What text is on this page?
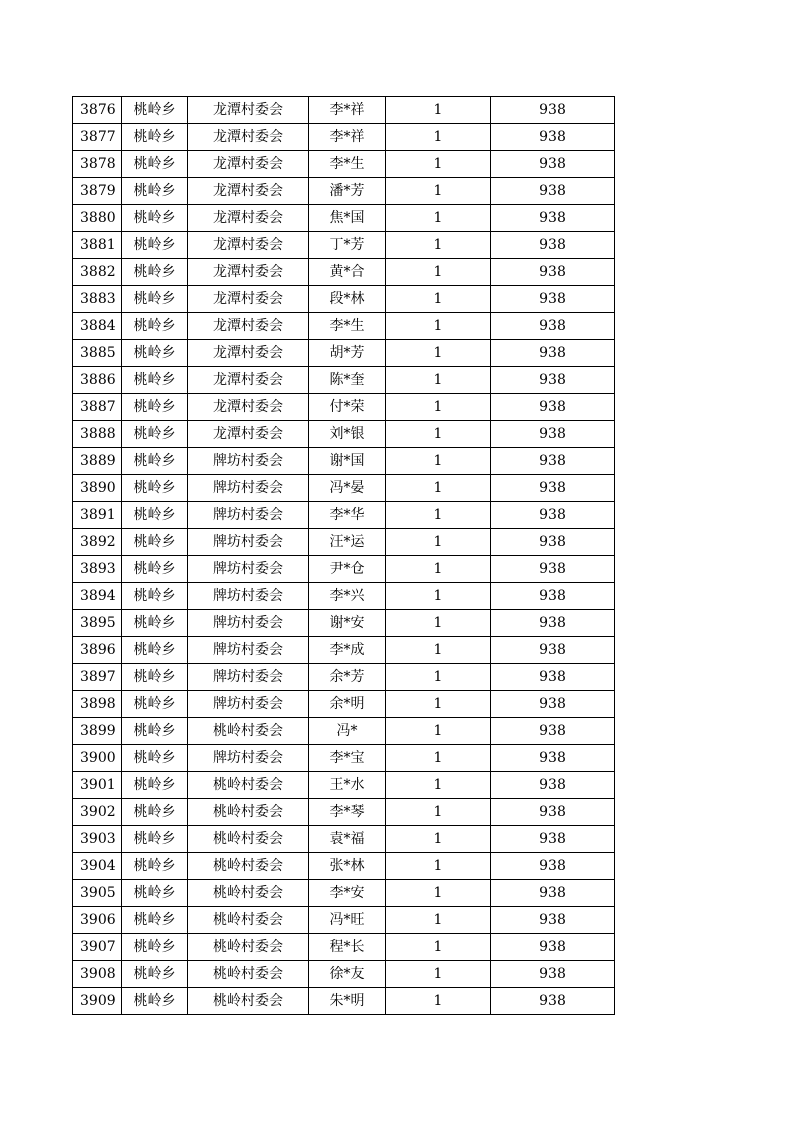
3876	桃岭乡	龙潭村委会	李*祥	1	938
3877	桃岭乡	龙潭村委会	李*祥	1	938
3878	桃岭乡	龙潭村委会	李*生	1	938
3879	桃岭乡	龙潭村委会	潘*芳	1	938
3880	桃岭乡	龙潭村委会	焦*国	1	938
3881	桃岭乡	龙潭村委会	丁*芳	1	938
3882	桃岭乡	龙潭村委会	黄*合	1	938
3883	桃岭乡	龙潭村委会	段*林	1	938
3884	桃岭乡	龙潭村委会	李*生	1	938
3885	桃岭乡	龙潭村委会	胡*芳	1	938
3886	桃岭乡	龙潭村委会	陈*奎	1	938
3887	桃岭乡	龙潭村委会	付*荣	1	938
3888	桃岭乡	龙潭村委会	刘*银	1	938
3889	桃岭乡	牌坊村委会	谢*国	1	938
3890	桃岭乡	牌坊村委会	冯*晏	1	938
3891	桃岭乡	牌坊村委会	李*华	1	938
3892	桃岭乡	牌坊村委会	汪*运	1	938
3893	桃岭乡	牌坊村委会	尹*仓	1	938
3894	桃岭乡	牌坊村委会	李*兴	1	938
3895	桃岭乡	牌坊村委会	谢*安	1	938
3896	桃岭乡	牌坊村委会	李*成	1	938
3897	桃岭乡	牌坊村委会	余*芳	1	938
3898	桃岭乡	牌坊村委会	余*明	1	938
3899	桃岭乡	桃岭村委会	冯*	1	938
3900	桃岭乡	牌坊村委会	李*宝	1	938
3901	桃岭乡	桃岭村委会	王*水	1	938
3902	桃岭乡	桃岭村委会	李*琴	1	938
3903	桃岭乡	桃岭村委会	袁*福	1	938
3904	桃岭乡	桃岭村委会	张*林	1	938
3905	桃岭乡	桃岭村委会	李*安	1	938
3906	桃岭乡	桃岭村委会	冯*旺	1	938
3907	桃岭乡	桃岭村委会	程*长	1	938
3908	桃岭乡	桃岭村委会	徐*友	1	938
3909	桃岭乡	桃岭村委会	朱*明	1	938
